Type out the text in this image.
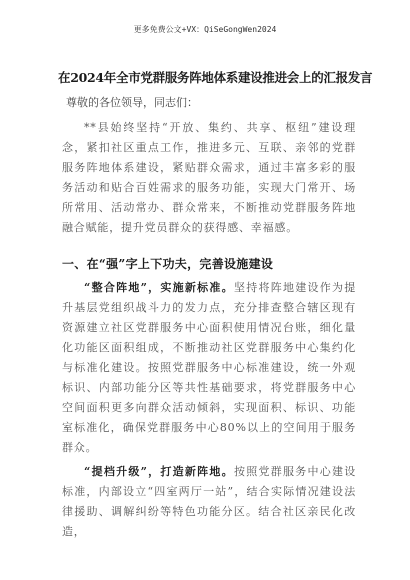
更多免费公文+VX：QiSeGongWen2024
在2024年全市党群服务阵地体系建设推进会上的汇报发言
尊敬的各位领导，同志们：

**县始终坚持“开放、集约、共享、枢纽”建设理念，紧扣社区重点工作，推进多元、互联、亲邻的党群服务阵地体系建设，紧贴群众需求，通过丰富多彩的服务活动和贴合百姓需求的服务功能，实现大门常开、场所常用、活动常办、群众常来，不断推动党群服务阵地融合赋能，提升党员群众的获得感、幸福感。

一、在“强”字上下功夫，完善设施建设

“整合阵地”，实施新标准。坚持将阵地建设作为提升基层党组织战斗力的发力点，充分排查整合辖区现有资源建立社区党群服务中心面积使用情况台账，细化量化功能区面积组成，不断推动社区党群服务中心集约化与标准化建设。按照党群服务中心标准建设，统一外观标识、内部功能分区等共性基础要求，将党群服务中心空间面积更多向群众活动倾斜，实现面积、标识、功能室标准化，确保党群服务中心80%以上的空间用于服务群众。

“提档升级”，打造新阵地。按照党群服务中心建设标准，内部设立“四室两厅一站”，结合实际情况建设法律援助、调解纠纷等特色功能分区。结合社区亲民化改造，
